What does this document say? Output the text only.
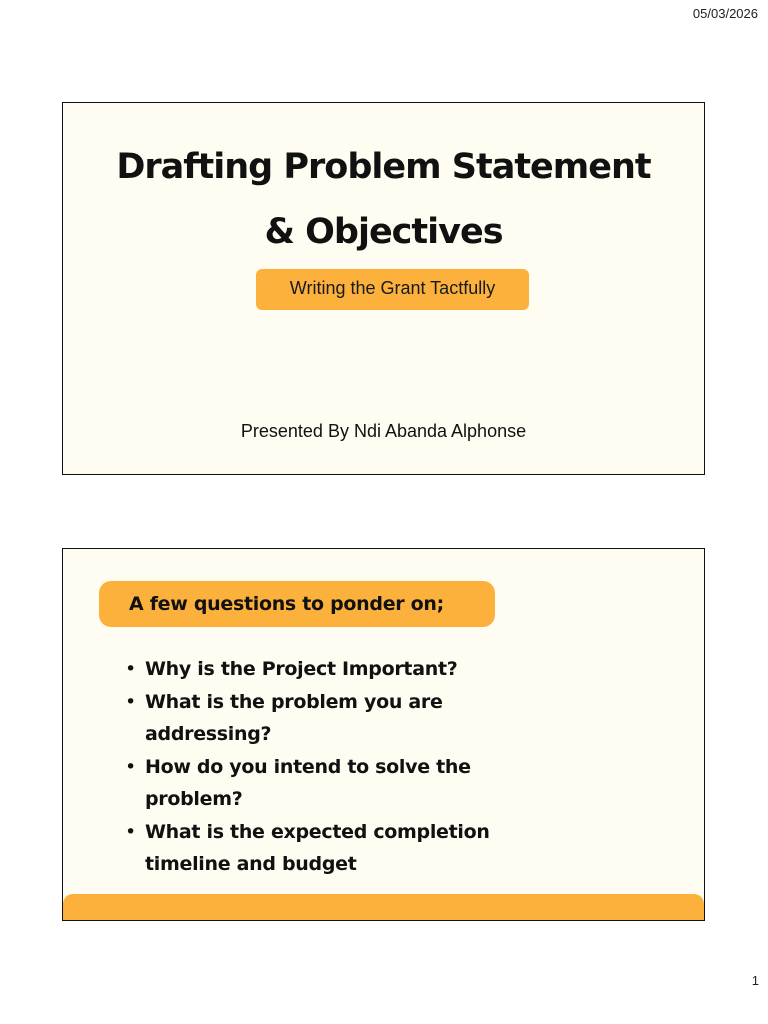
05/03/2026
Drafting Problem Statement
& Objectives
Writing the Grant Tactfully
Presented By Ndi Abanda Alphonse
A few questions to ponder on;
• Why is the Project Important?
• What is the problem you are addressing?
• How do you intend to solve the problem?
• What is the expected completion timeline and budget
1
